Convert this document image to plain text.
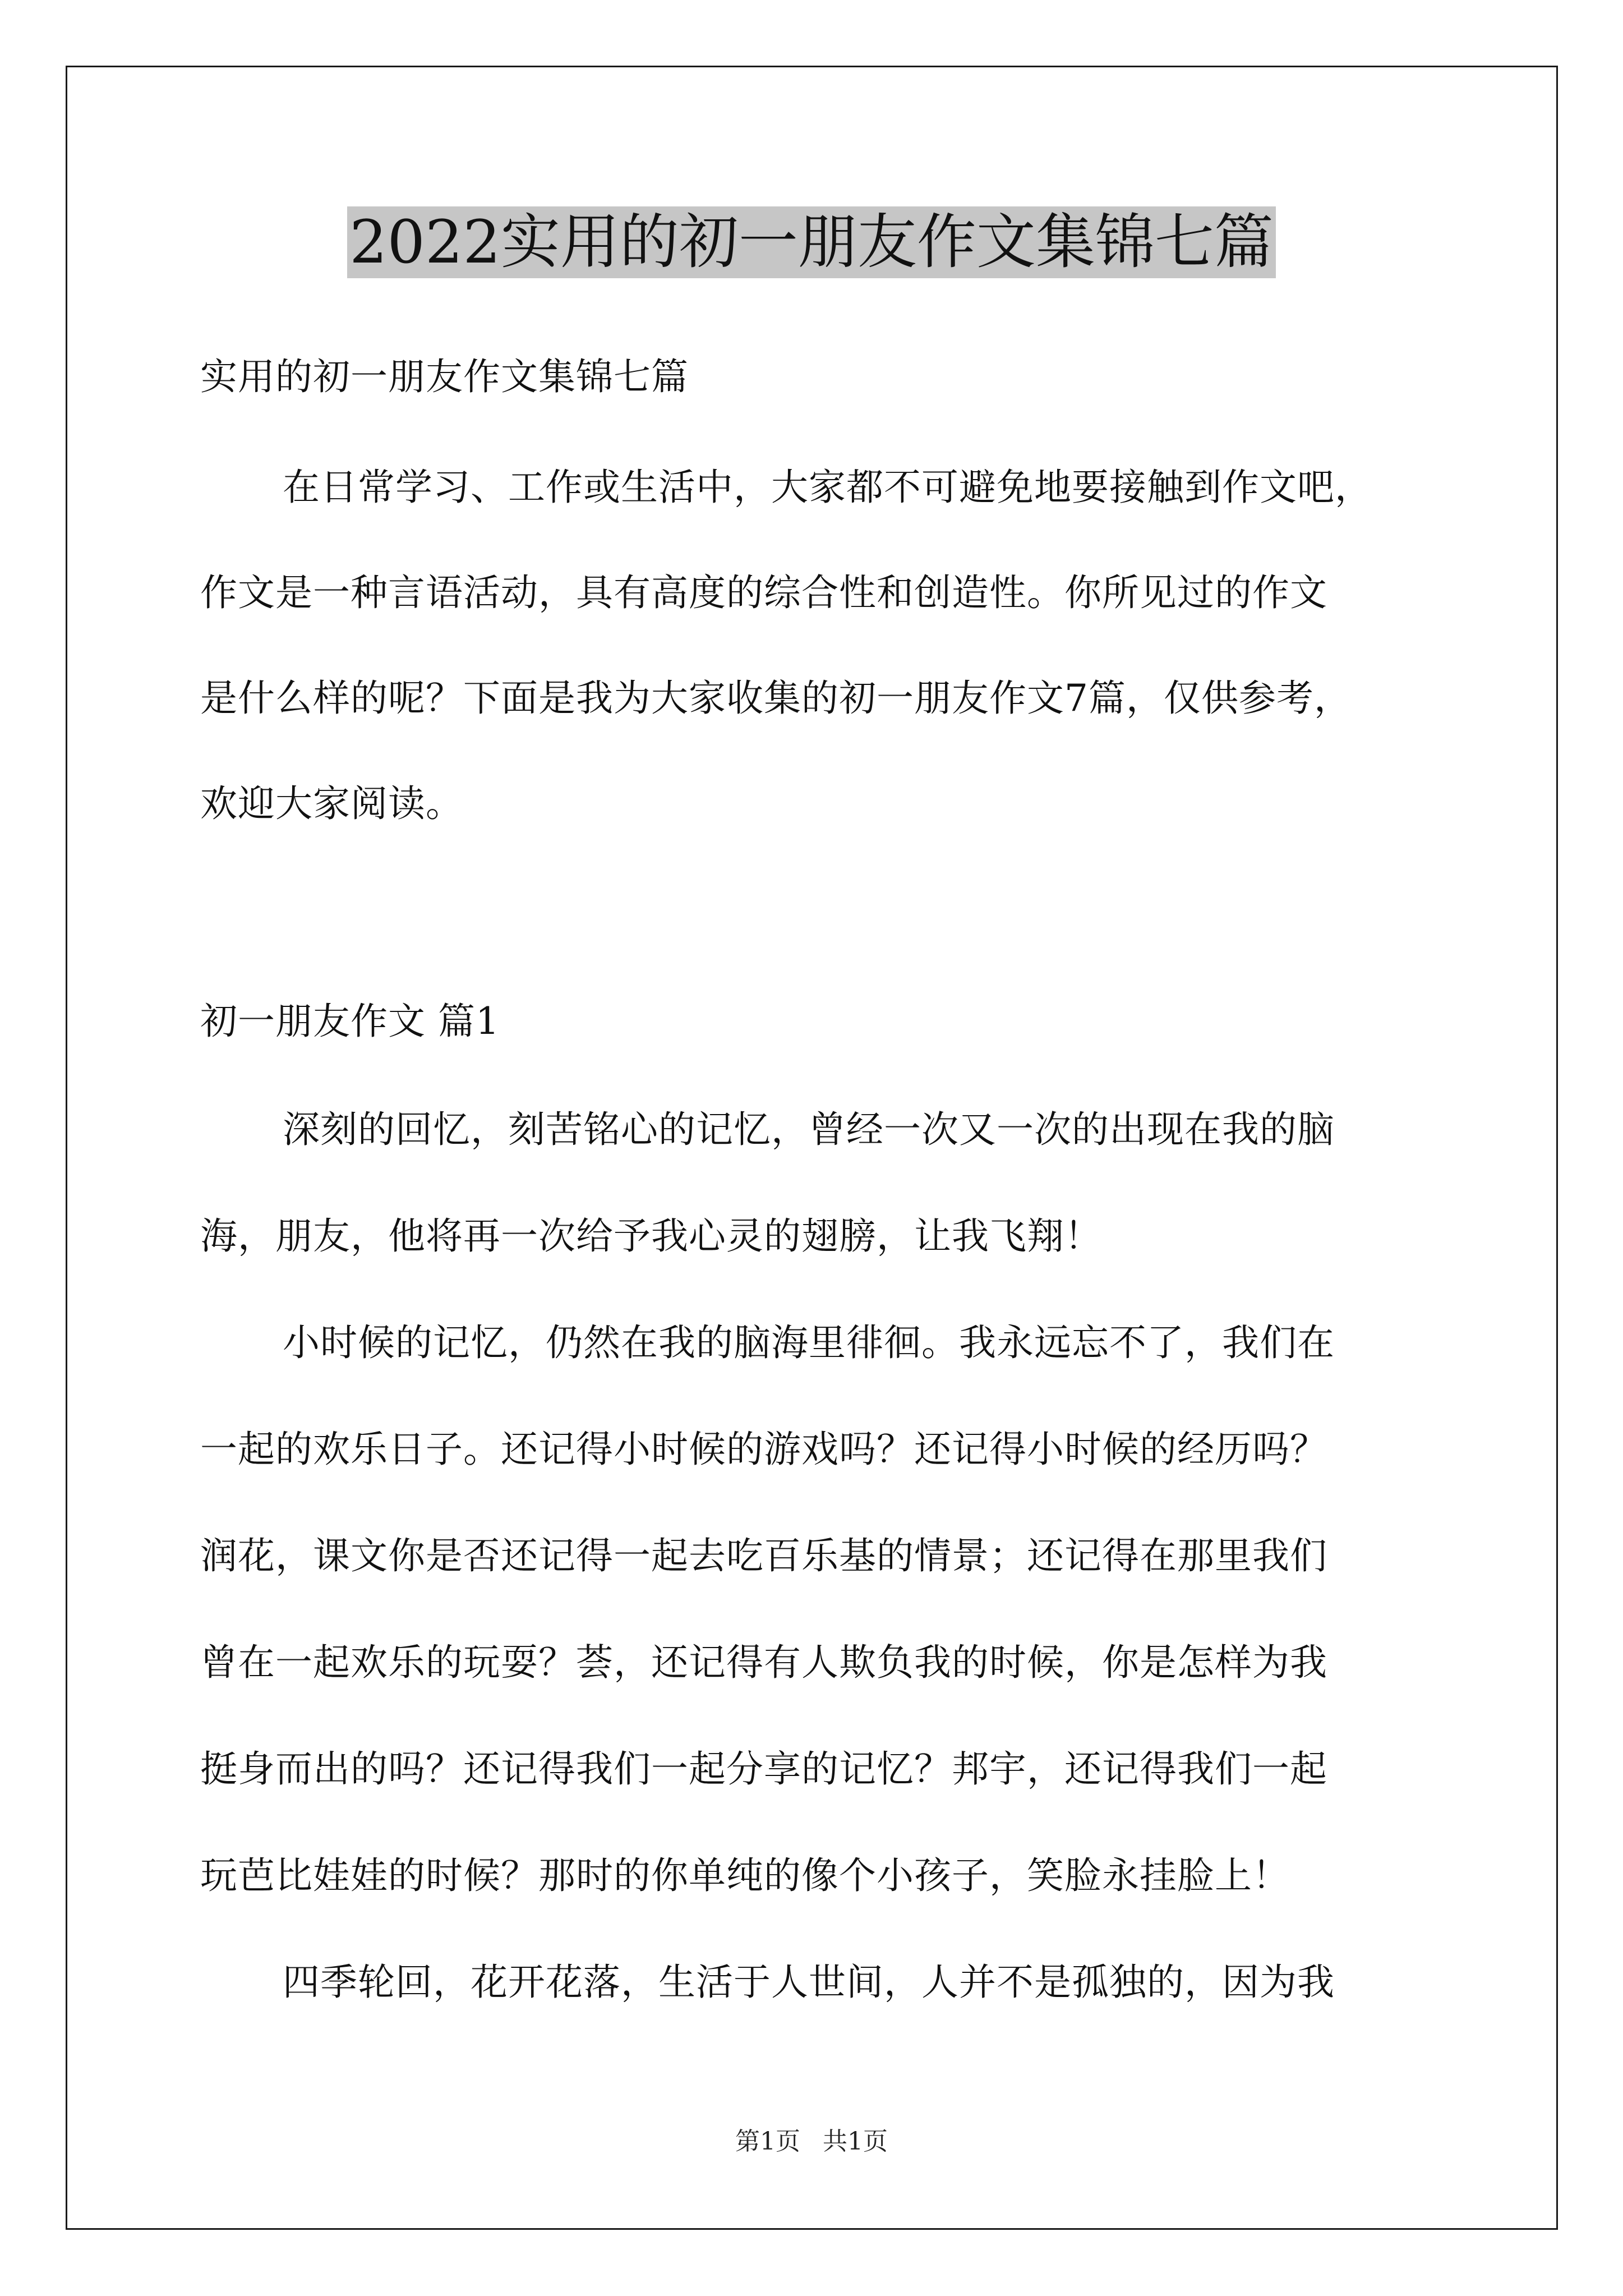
2022实用的初一朋友作文集锦七篇
实用的初一朋友作文集锦七篇
在日常学习、工作或生活中，大家都不可避免地要接触到作文吧，
作文是一种言语活动，具有高度的综合性和创造性。你所见过的作文
是什么样的呢？下面是我为大家收集的初一朋友作文7篇，仅供参考，
欢迎大家阅读。
初一朋友作文 篇1
深刻的回忆，刻苦铭心的记忆，曾经一次又一次的出现在我的脑
海，朋友，他将再一次给予我心灵的翅膀，让我飞翔！
小时候的记忆，仍然在我的脑海里徘徊。我永远忘不了，我们在
一起的欢乐日子。还记得小时候的游戏吗？还记得小时候的经历吗？
润花，课文你是否还记得一起去吃百乐基的情景；还记得在那里我们
曾在一起欢乐的玩耍？荟，还记得有人欺负我的时候，你是怎样为我
挺身而出的吗？还记得我们一起分享的记忆？邦宇，还记得我们一起
玩芭比娃娃的时候？那时的你单纯的像个小孩子，笑脸永挂脸上！
四季轮回，花开花落，生活于人世间，人并不是孤独的，因为我
第1页 共1页
